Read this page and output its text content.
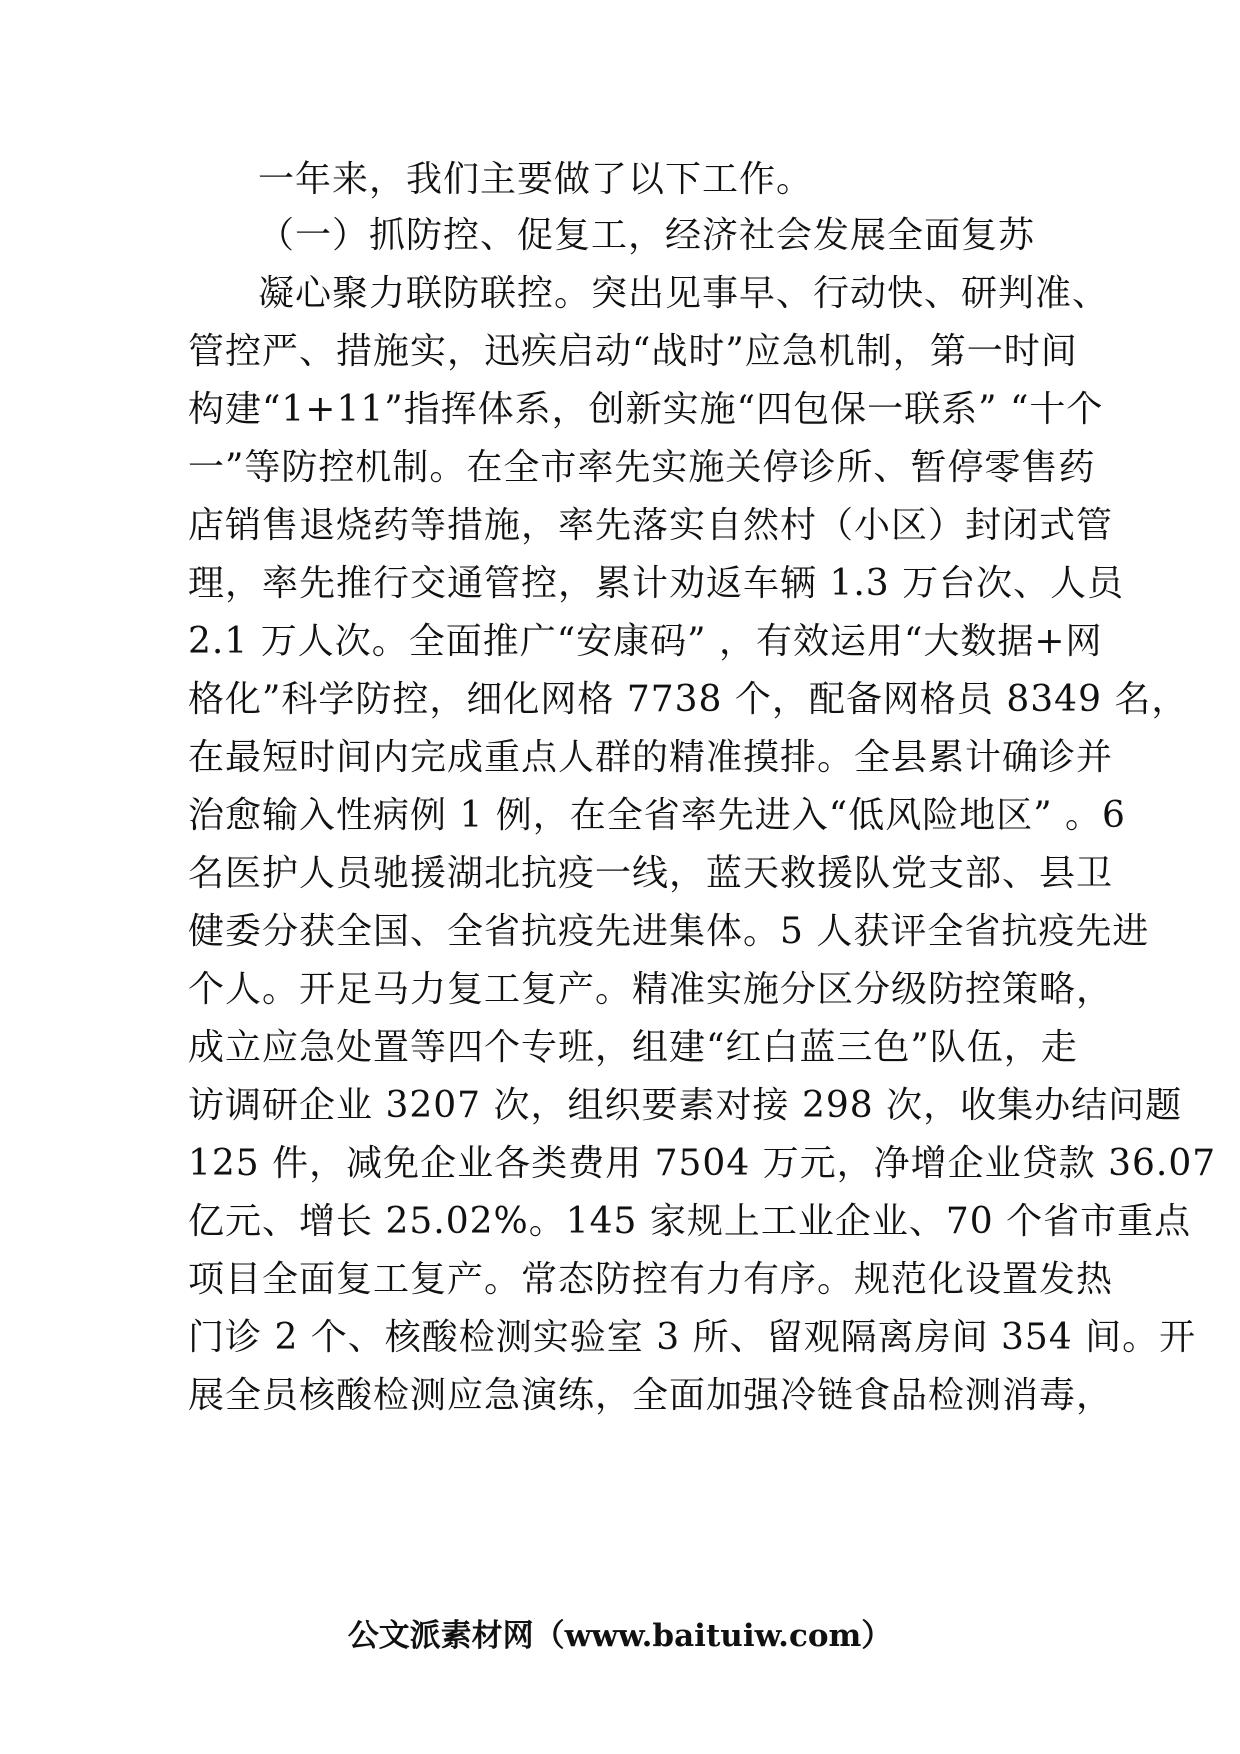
一年来，我们主要做了以下工作。
（一）抓防控、促复工，经济社会发展全面复苏
凝心聚力联防联控。突出见事早、行动快、研判准、
管控严、措施实，迅疾启动“战时”应急机制，第一时间
构建“1+11”指挥体系，创新实施“四包保一联系” “十个
一”等防控机制。在全市率先实施关停诊所、暂停零售药
店销售退烧药等措施，率先落实自然村（小区）封闭式管
理，率先推行交通管控，累计劝返车辆 1.3 万台次、人员
2.1 万人次。全面推广“安康码” ，有效运用“大数据+网
格化”科学防控，细化网格 7738 个，配备网格员 8349 名，
在最短时间内完成重点人群的精准摸排。全县累计确诊并
治愈输入性病例 1 例，在全省率先进入“低风险地区” 。6
名医护人员驰援湖北抗疫一线，蓝天救援队党支部、县卫
健委分获全国、全省抗疫先进集体。5 人获评全省抗疫先进
个人。开足马力复工复产。精准实施分区分级防控策略，
成立应急处置等四个专班，组建“红白蓝三色”队伍，走
访调研企业 3207 次，组织要素对接 298 次，收集办结问题
125 件，减免企业各类费用 7504 万元，净增企业贷款 36.07
亿元、增长 25.02%。145 家规上工业企业、70 个省市重点
项目全面复工复产。常态防控有力有序。规范化设置发热
门诊 2 个、核酸检测实验室 3 所、留观隔离房间 354 间。开
展全员核酸检测应急演练，全面加强冷链食品检测消毒，
公文派素材网（www.baituiw.com）
